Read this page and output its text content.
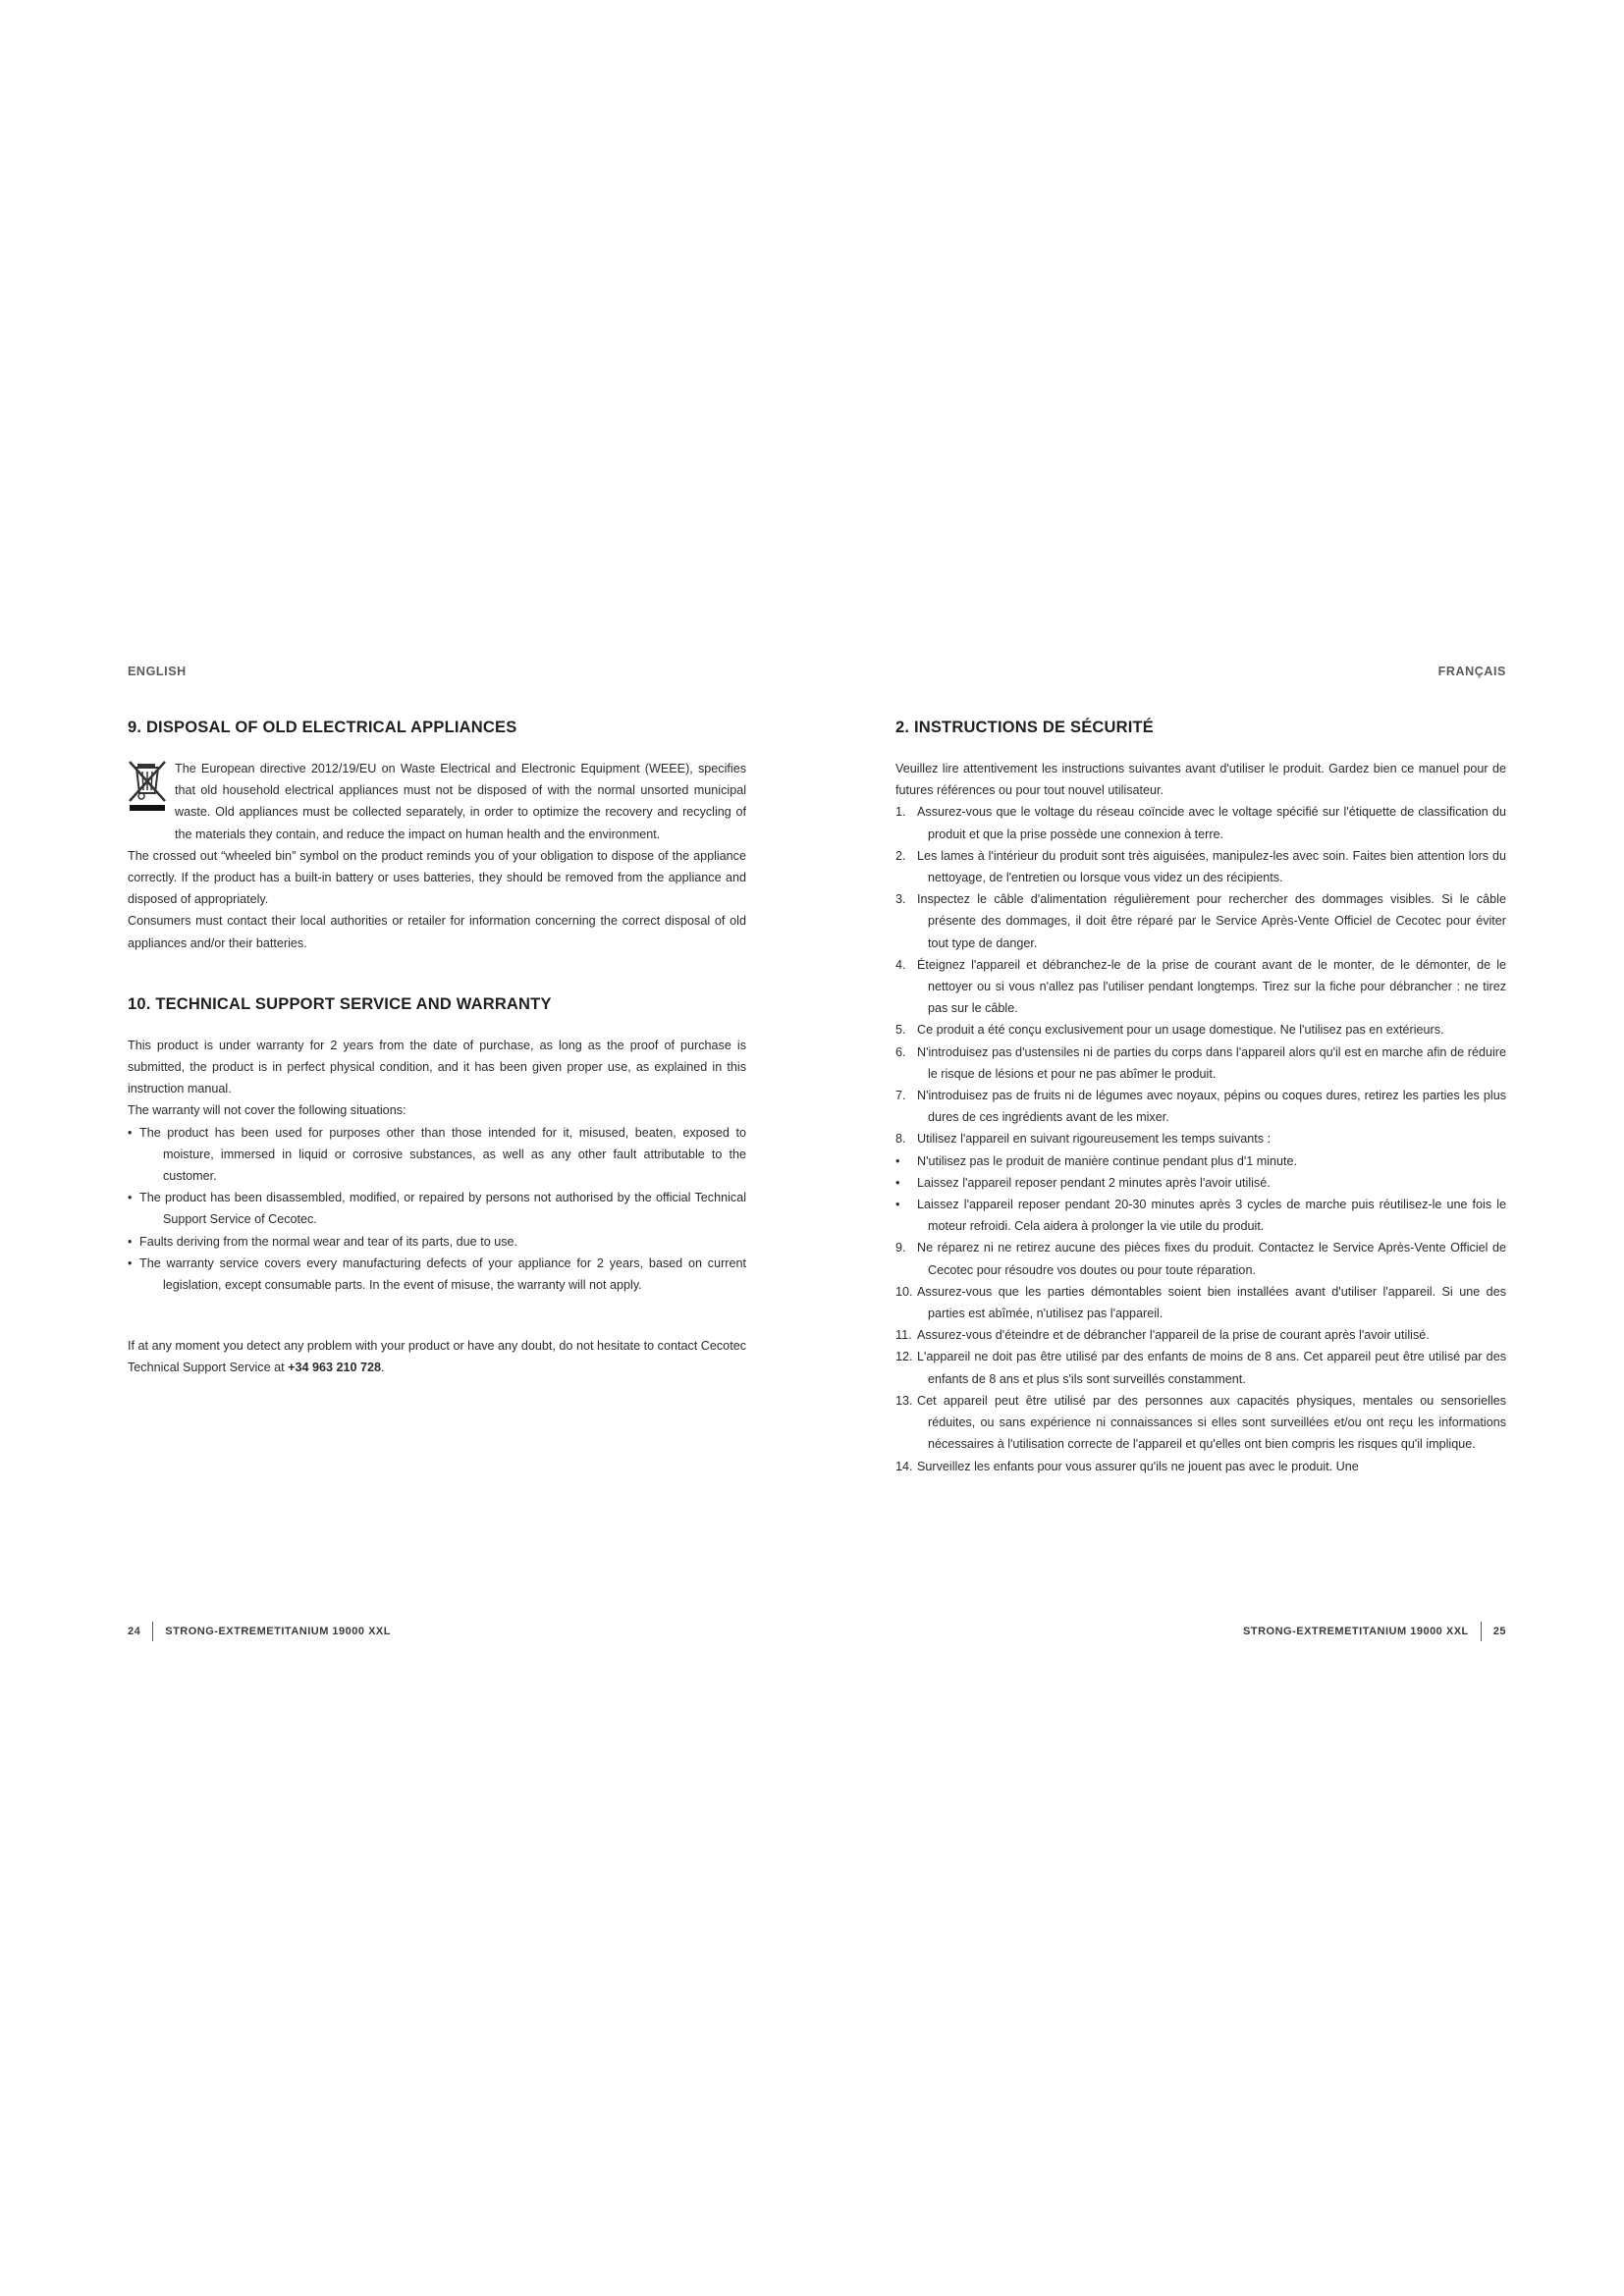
ENGLISH	FRANÇAIS
9. DISPOSAL OF OLD ELECTRICAL APPLIANCES

The European directive 2012/19/EU on Waste Electrical and Electronic Equipment (WEEE), specifies that old household electrical appliances must not be disposed of with the normal unsorted municipal waste. Old appliances must be collected separately, in order to optimize the recovery and recycling of the materials they contain, and reduce the impact on human health and the environment.

The crossed out “wheeled bin” symbol on the product reminds you of your obligation to dispose of the appliance correctly. If the product has a built-in battery or uses batteries, they should be removed from the appliance and disposed of appropriately.

Consumers must contact their local authorities or retailer for information concerning the correct disposal of old appliances and/or their batteries.

10. TECHNICAL SUPPORT SERVICE AND WARRANTY

This product is under warranty for 2 years from the date of purchase, as long as the proof of purchase is submitted, the product is in perfect physical condition, and it has been given proper use, as explained in this instruction manual.

The warranty will not cover the following situations:

• The product has been used for purposes other than those intended for it, misused, beaten, exposed to moisture, immersed in liquid or corrosive substances, as well as any other fault attributable to the customer.
• The product has been disassembled, modified, or repaired by persons not authorised by the official Technical Support Service of Cecotec.
• Faults deriving from the normal wear and tear of its parts, due to use.
• The warranty service covers every manufacturing defects of your appliance for 2 years, based on current legislation, except consumable parts. In the event of misuse, the warranty will not apply.

If at any moment you detect any problem with your product or have any doubt, do not hesitate to contact Cecotec Technical Support Service at +34 963 210 728.

2. INSTRUCTIONS DE SÉCURITÉ

Veuillez lire attentivement les instructions suivantes avant d'utiliser le produit. Gardez bien ce manuel pour de futures références ou pour tout nouvel utilisateur.

1. Assurez-vous que le voltage du réseau coïncide avec le voltage spécifié sur l'étiquette de classification du produit et que la prise possède une connexion à terre.
2. Les lames à l'intérieur du produit sont très aiguisées, manipulez-les avec soin. Faites bien attention lors du nettoyage, de l'entretien ou lorsque vous videz un des récipients.
3. Inspectez le câble d'alimentation régulièrement pour rechercher des dommages visibles. Si le câble présente des dommages, il doit être réparé par le Service Après-Vente Officiel de Cecotec pour éviter tout type de danger.
4. Éteignez l'appareil et débranchez-le de la prise de courant avant de le monter, de le démonter, de le nettoyer ou si vous n'allez pas l'utiliser pendant longtemps. Tirez sur la fiche pour débrancher : ne tirez pas sur le câble.
5. Ce produit a été conçu exclusivement pour un usage domestique. Ne l'utilisez pas en extérieurs.
6. N'introduisez pas d'ustensiles ni de parties du corps dans l'appareil alors qu'il est en marche afin de réduire le risque de lésions et pour ne pas abîmer le produit.
7. N'introduisez pas de fruits ni de légumes avec noyaux, pépins ou coques dures, retirez les parties les plus dures de ces ingrédients avant de les mixer.
8. Utilisez l'appareil en suivant rigoureusement les temps suivants :
• N'utilisez pas le produit de manière continue pendant plus d'1 minute.
• Laissez l'appareil reposer pendant 2 minutes après l'avoir utilisé.
• Laissez l'appareil reposer pendant 20-30 minutes après 3 cycles de marche puis réutilisez-le une fois le moteur refroidi. Cela aidera à prolonger la vie utile du produit.
9. Ne réparez ni ne retirez aucune des pièces fixes du produit. Contactez le Service Après-Vente Officiel de Cecotec pour résoudre vos doutes ou pour toute réparation.
10. Assurez-vous que les parties démontables soient bien installées avant d'utiliser l'appareil. Si une des parties est abîmée, n'utilisez pas l'appareil.
11. Assurez-vous d'éteindre et de débrancher l'appareil de la prise de courant après l'avoir utilisé.
12. L'appareil ne doit pas être utilisé par des enfants de moins de 8 ans. Cet appareil peut être utilisé par des enfants de 8 ans et plus s'ils sont surveillés constamment.
13. Cet appareil peut être utilisé par des personnes aux capacités physiques, mentales ou sensorielles réduites, ou sans expérience ni connaissances si elles sont surveillées et/ou ont reçu les informations nécessaires à l'utilisation correcte de l'appareil et qu'elles ont bien compris les risques qu'il implique.
14. Surveillez les enfants pour vous assurer qu'ils ne jouent pas avec le produit. Une
24 STRONG-EXTREMETITANIUM 19000 XXL	STRONG-EXTREMETITANIUM 19000 XXL 25
